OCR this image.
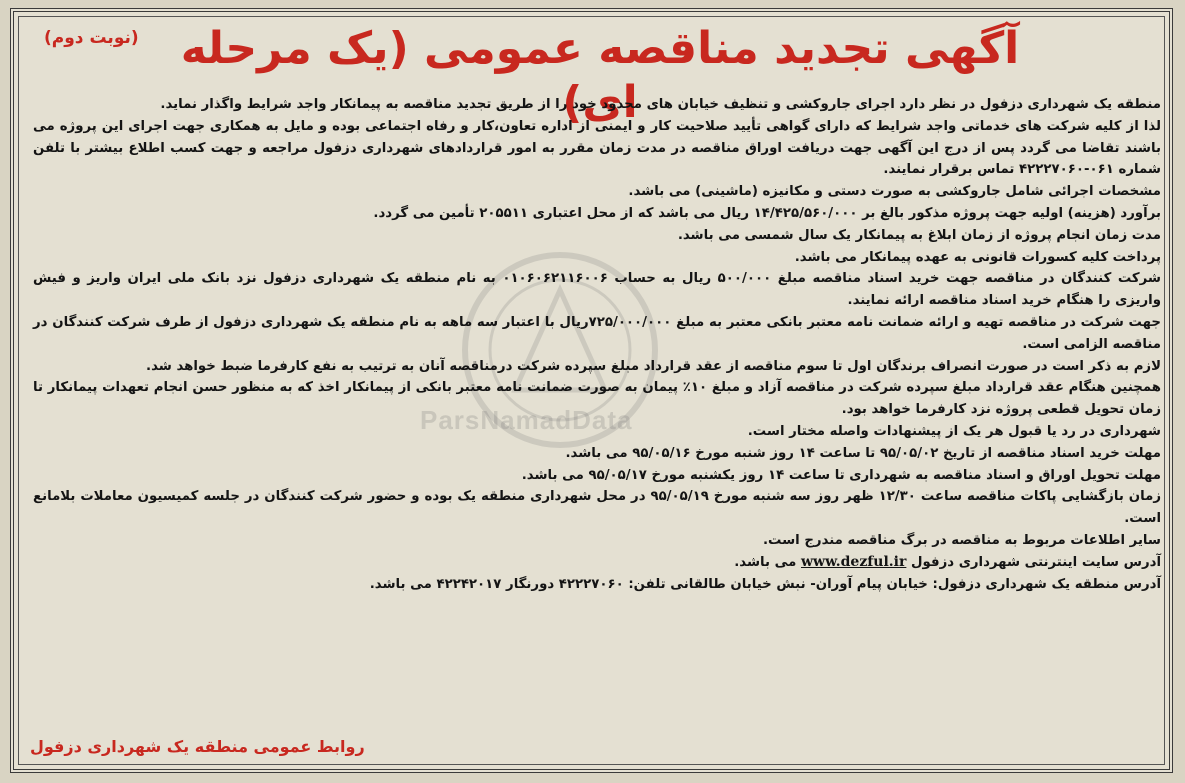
ParsNamadData
(نوبت دوم) آگهی تجدید مناقصه عمومی (یک مرحله ای)

منطقه یک شهرداری دزفول در نظر دارد اجرای جاروکشی و تنظیف خیابان های محدود خود را از طریق تجدید مناقصه به پیمانکار واجد شرایط واگذار نماید.

لذا از کلیه شرکت های خدماتی واجد شرایط که دارای گواهی تأیید صلاحیت کار و ایمنی از اداره تعاون،کار و رفاه اجتماعی بوده و مایل به همکاری جهت اجرای این پروژه می باشند تقاضا می گردد پس از درج این آگهی جهت دریافت اوراق مناقصه در مدت زمان مقرر به امور قراردادهای شهرداری دزفول مراجعه و جهت کسب اطلاع بیشتر با تلفن شماره ۰۶۱-۴۲۲۲۷۰۶۰ تماس برقرار نمایند.

مشخصات اجرائی شامل جاروکشی به صورت دستی و مکانیزه (ماشینی) می باشد.

برآورد (هزینه) اولیه جهت پروژه مذکور بالغ بر ۱۴/۴۲۵/۵۶۰/۰۰۰ ریال می باشد که از محل اعتباری ۲۰۵۵۱۱ تأمین می گردد.

مدت زمان انجام پروژه از زمان ابلاغ به پیمانکار یک سال شمسی می باشد.

پرداخت کلیه کسورات قانونی به عهده پیمانکار می باشد.

شرکت کنندگان در مناقصه جهت خرید اسناد مناقصه مبلغ ۵۰۰/۰۰۰ ریال به حساب ۰۱۰۶۰۶۲۱۱۶۰۰۶ به نام منطقه یک شهرداری دزفول نزد بانک ملی ایران واریز و فیش واریزی را هنگام خرید اسناد مناقصه ارائه نمایند.

جهت شرکت در مناقصه تهیه و ارائه ضمانت نامه معتبر بانکی معتبر به مبلغ ۷۲۵/۰۰۰/۰۰۰ریال با اعتبار سه ماهه به نام منطقه یک شهرداری دزفول از طرف شرکت کنندگان در مناقصه الزامی است.

لازم به ذکر است در صورت انصراف برندگان اول تا سوم مناقصه از عقد قرارداد مبلغ سپرده شرکت درمناقصه آنان به ترتیب به نفع کارفرما ضبط خواهد شد.

همچنین هنگام عقد قرارداد مبلغ سپرده شرکت در مناقصه آزاد و مبلغ ۱۰٪ پیمان به صورت ضمانت نامه معتبر بانکی از پیمانکار اخذ که به منظور حسن انجام تعهدات پیمانکار تا زمان تحویل قطعی پروژه نزد کارفرما خواهد بود.

شهرداری در رد یا قبول هر یک از پیشنهادات واصله مختار است.

مهلت خرید اسناد مناقصه از تاریخ ۹۵/۰۵/۰۲ تا ساعت ۱۴ روز شنبه مورخ ۹۵/۰۵/۱۶ می باشد.

مهلت تحویل اوراق و اسناد مناقصه به شهرداری تا ساعت ۱۴ روز یکشنبه مورخ ۹۵/۰۵/۱۷ می باشد.

زمان بازگشایی پاکات مناقصه ساعت ۱۲/۳۰ ظهر روز سه شنبه مورخ ۹۵/۰۵/۱۹ در محل شهرداری منطقه یک بوده و حضور شرکت کنندگان در جلسه کمیسیون معاملات بلامانع است.

سایر اطلاعات مربوط به مناقصه در برگ مناقصه مندرج است.

آدرس سایت اینترنتی شهرداری دزفول www.dezful.ir می باشد.

آدرس منطقه یک شهرداری دزفول: خیابان پیام آوران- نبش خیابان طالقانی تلفن: ۴۲۲۲۷۰۶۰ دورنگار ۴۲۲۴۲۰۱۷ می باشد.

روابط عمومی منطقه یک شهرداری دزفول
